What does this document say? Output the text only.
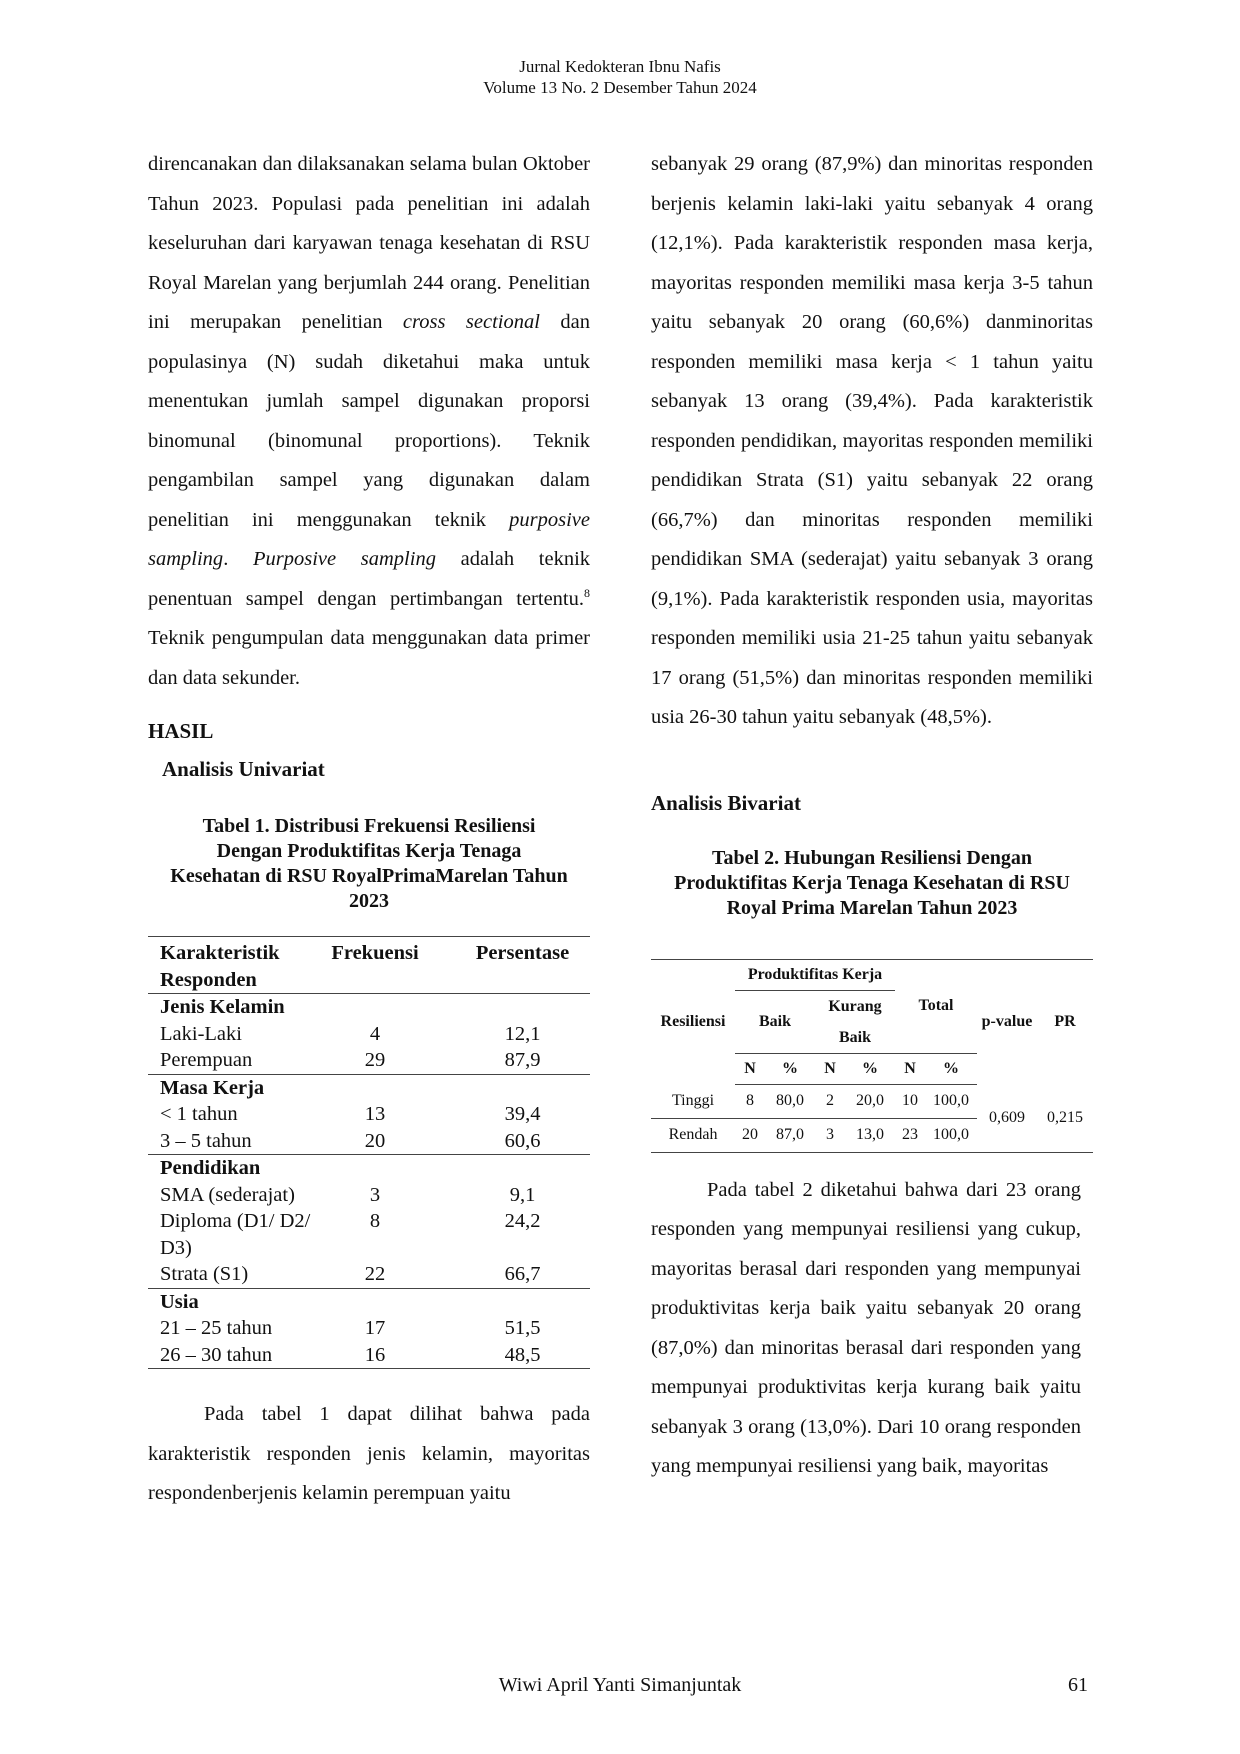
Jurnal Kedokteran Ibnu Nafis
Volume 13 No. 2 Desember Tahun 2024

direncanakan dan dilaksanakan selama bulan Oktober Tahun 2023. Populasi pada penelitian ini adalah keseluruhan dari karyawan tenaga kesehatan di RSU Royal Marelan yang berjumlah 244 orang. Penelitian ini merupakan penelitian cross sectional dan populasinya (N) sudah diketahui maka untuk menentukan jumlah sampel digunakan proporsi binomunal (binomunal proportions). Teknik pengambilan sampel yang digunakan dalam penelitian ini menggunakan teknik purposive sampling. Purposive sampling adalah teknik penentuan sampel dengan pertimbangan tertentu.$^8$ Teknik pengumpulan data menggunakan data primer dan data sekunder.

HASIL
Analisis Univariat

Tabel 1. Distribusi Frekuensi Resiliensi Dengan Produktifitas Kerja Tenaga Kesehatan di RSU RoyalPrimaMarelan Tahun 2023

Karakteristik Responden	Frekuensi	Persentase
Jenis Kelamin		
Laki-Laki	4	12,1
Perempuan	29	87,9
Masa Kerja		
< 1 tahun	13	39,4
3 – 5 tahun	20	60,6
Pendidikan		
SMA (sederajat)	3	9,1
Diploma (D1/ D2/ D3)	8	24,2
Strata (S1)	22	66,7
Usia		
21 – 25 tahun	17	51,5
26 – 30 tahun	16	48,5

Pada tabel 1 dapat dilihat bahwa pada karakteristik responden jenis kelamin, mayoritas respondenberjenis kelamin perempuan yaitu

sebanyak 29 orang (87,9%) dan minoritas responden berjenis kelamin laki-laki yaitu sebanyak 4 orang (12,1%). Pada karakteristik responden masa kerja, mayoritas responden memiliki masa kerja 3-5 tahun yaitu sebanyak 20 orang (60,6%) danminoritas responden memiliki masa kerja < 1 tahun yaitu sebanyak 13 orang (39,4%). Pada karakteristik responden pendidikan, mayoritas responden memiliki pendidikan Strata (S1) yaitu sebanyak 22 orang (66,7%) dan minoritas responden memiliki pendidikan SMA (sederajat) yaitu sebanyak 3 orang (9,1%). Pada karakteristik responden usia, mayoritas responden memiliki usia 21-25 tahun yaitu sebanyak 17 orang (51,5%) dan minoritas responden memiliki usia 26-30 tahun yaitu sebanyak (48,5%).

Analisis Bivariat

Tabel 2. Hubungan Resiliensi Dengan Produktifitas Kerja Tenaga Kesehatan di RSU Royal Prima Marelan Tahun 2023

Resiliensi	Produktifitas Kerja				Total		p-value	PR
	Baik		Kurang Baik					
	N	%	N	%	N	%		
Tinggi	8	80,0	2	20,0	10	100,0	0,609	0,215
Rendah	20	87,0	3	13,0	23	100,0		

Pada tabel 2 diketahui bahwa dari 23 orang responden yang mempunyai resiliensi yang cukup, mayoritas berasal dari responden yang mempunyai produktivitas kerja baik yaitu sebanyak 20 orang (87,0%) dan minoritas berasal dari responden yang mempunyai produktivitas kerja kurang baik yaitu sebanyak 3 orang (13,0%). Dari 10 orang responden yang mempunyai resiliensi yang baik, mayoritas

Wiwi April Yanti Simanjuntak	61
